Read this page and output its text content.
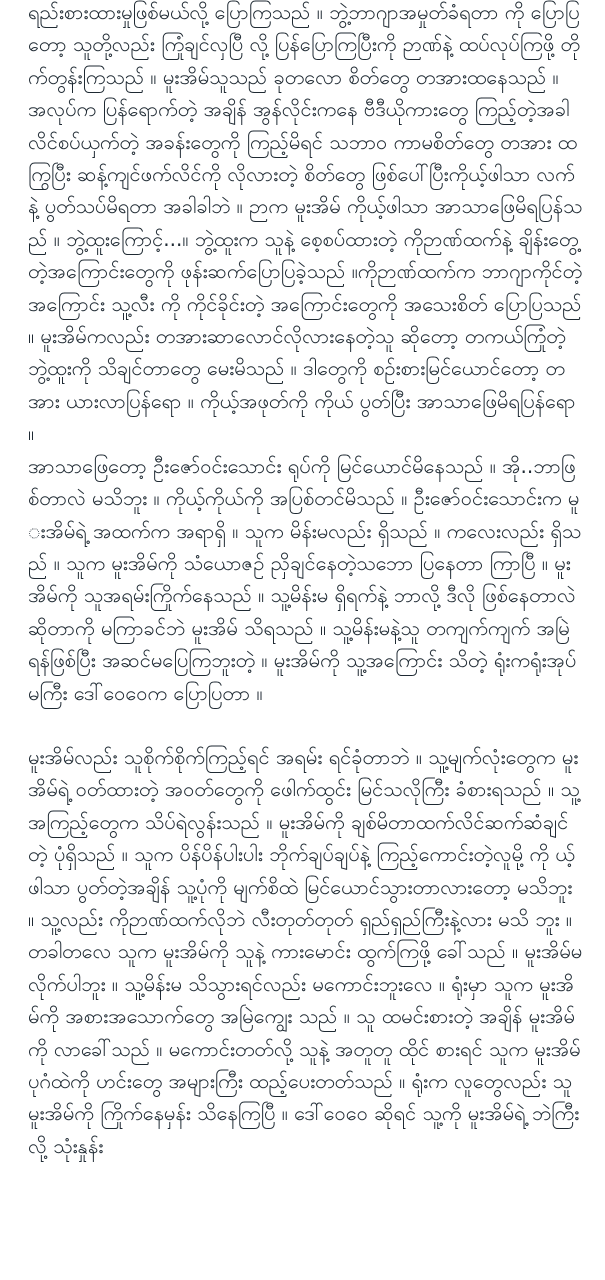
ရည်းစားထားမှုဖြစ်မယ်လို့ ပြောကြသည် ။ ဘွဲ့ဘာဂျာအမှုတ်ခံရတာ ကို ပြောပြတော့ သူတို့လည်း ကြုံချင်လှပြီ လို့ ပြန်ပြောကြပြီးကို ဉာဏ်နဲ့ ထပ်လုပ်ကြဖို့ တိုက်တွန်းကြသည် ။ မူးအိမ်သူသည် ခုတလော စိတ်တွေ တအားထနေသည် ။ အလုပ်က ပြန်ရောက်တဲ့ အချိန် အွန်လိုင်းကနေ ဗီဒီယိုကားတွေ ကြည့်တဲ့အခါ လိင်စပ်ယှက်တဲ့ အခန်းတွေကို ကြည့်မိရင် သဘာဝ ကာမစိတ်တွေ တအား ထကြွပြီး ဆန့်ကျင်ဖက်လိင်ကို လိုလားတဲ့ စိတ်တွေ ဖြစ်ပေါ်ပြီးကိုယ့်ဖါသာ လက်နဲ့ ပွတ်သပ်မိရတာ အခါခါဘဲ ။ ဉာက မူးအိမ် ကိုယ့်ဖါသာ အာသာဖြေမိရပြန်သည် ။ ဘွဲ့ထူးကြောင့်...။ ဘွဲ့ထူးက သူနဲ့ စေ့စပ်ထားတဲ့ ကိုဉာဏ်ထက်နဲ့ ချိန်းတွေ့တဲ့အကြောင်းတွေကို ဖုန်းဆက်ပြောပြခဲ့သည် ။ကိုဉာဏ်ထက်က ဘာဂျာကိုင်တဲ့အကြောင်း သူ့လီး ကို ကိုင်ခိုင်းတဲ့ အကြောင်းတွေကို အသေးစိတ် ပြောပြသည် ။ မူးအိမ်ကလည်း တအားဆာလောင်လိုလားနေတဲ့သူ ဆိုတော့ တကယ်ကြုံတဲ့ ဘွဲ့ထူးကို သိချင်တာတွေ မေးမိသည် ။ ဒါတွေကို စဉ်းစားမြင်ယောင်တော့ တအား ယားလာပြန်ရော ။ ကိုယ့်အဖုတ်ကို ကိုယ် ပွတ်ပြီး အာသာဖြေမိရပြန်ရော ။

အာသာဖြေတော့ ဦးဇော်ဝင်းသောင်း ရုပ်ကို မြင်ယောင်မိနေသည် ။ အို..ဘာဖြစ်တာလဲ မသိဘူး ။ ကိုယ့်ကိုယ်ကို အပြစ်တင်မိသည် ။ ဦးဇော်ဝင်းသောင်းက မူးအိမ်ရဲ့ အထက်က အရာရှိ ။ သူက မိန်းမလည်း ရှိသည် ။ ကလေးလည်း ရှိသည် ။ သူက မူးအိမ်ကို သံယောဇဉ် ညှိချင်နေတဲ့သဘော ပြနေတာ ကြာပြီ ။ မူးအိမ်ကို သူအရမ်းကြိုက်နေသည် ။ သူ့မိန်းမ ရှိရက်နဲ့ ဘာလို့ ဒီလို ဖြစ်နေတာလဲ ဆိုတာကို မကြာခင်ဘဲ မူးအိမ် သိရသည် ။ သူ့မိန်းမနဲ့သူ တကျက်ကျက် အမြဲ ရန်ဖြစ်ပြီး အဆင်မပြေကြဘူးတဲ့ ။ မူးအိမ်ကို သူ့အကြောင်း သိတဲ့ ရုံးကရုံးအုပ်မကြီး ဒေါ်ဝေဝေက ပြောပြတာ ။

မူးအိမ်လည်း သူစိုက်စိုက်ကြည့်ရင် အရမ်း ရင်ခုံတာဘဲ ။ သူ့မျက်လုံးတွေက မူးအိမ်ရဲ့ ဝတ်ထားတဲ့ အဝတ်တွေကို ဖေါက်ထွင်း မြင်သလိုကြီး ခံစားရသည် ။ သူ့အကြည့်တွေက သိပ်ရဲလွန်းသည် ။ မူးအိမ်ကို ချစ်မိတာထက်လိင်ဆက်ဆံချင်တဲ့ ပုံရှိသည် ။ သူက ပိန်ပိန်ပါးပါး ဘိုက်ချပ်ချပ်နဲ့ ကြည့်ကောင်းတဲ့လူမို့ ကို ယ့်ဖါသာ ပွတ်တဲ့အချိန် သူ့ပုံကို မျက်စိထဲ မြင်ယောင်သွားတာလားတော့ မသိဘူး ။ သူ့လည်း ကိုဉာဏ်ထက်လိုဘဲ လီးတုတ်တုတ် ရှည်ရှည်ကြီးနဲ့လား မသိ ဘူး ။ တခါတလေ သူက မူးအိမ်ကို သူနဲ့ ကားမောင်း ထွက်ကြဖို့ ခေါ်သည် ။ မူးအိမ်မလိုက်ပါဘူး ။ သူ့မိန်းမ သိသွားရင်လည်း မကောင်းဘူးလေ ။ ရုံးမှာ သူက မူးအိမ်ကို အစားအသောက်တွေ အမြဲကျွေး သည် ။ သူ ထမင်းစားတဲ့ အချိန် မူးအိမ်ကို လာခေါ်သည် ။ မကောင်းတတ်လို့ သူနဲ့ အတူတူ ထိုင် စားရင် သူက မူးအိမ် ပုဂံထဲကို ဟင်းတွေ အများကြီး ထည့်ပေးတတ်သည် ။ ရုံးက လူတွေလည်း သူ မူးအိမ်ကို ကြိုက်နေမှန်း သိနေကြပြီ ။ ဒေါ်ဝေဝေ ဆိုရင် သူ့ကို မူးအိမ်ရဲ့ ဘဲကြီး လို့ သုံးနှုန်း
